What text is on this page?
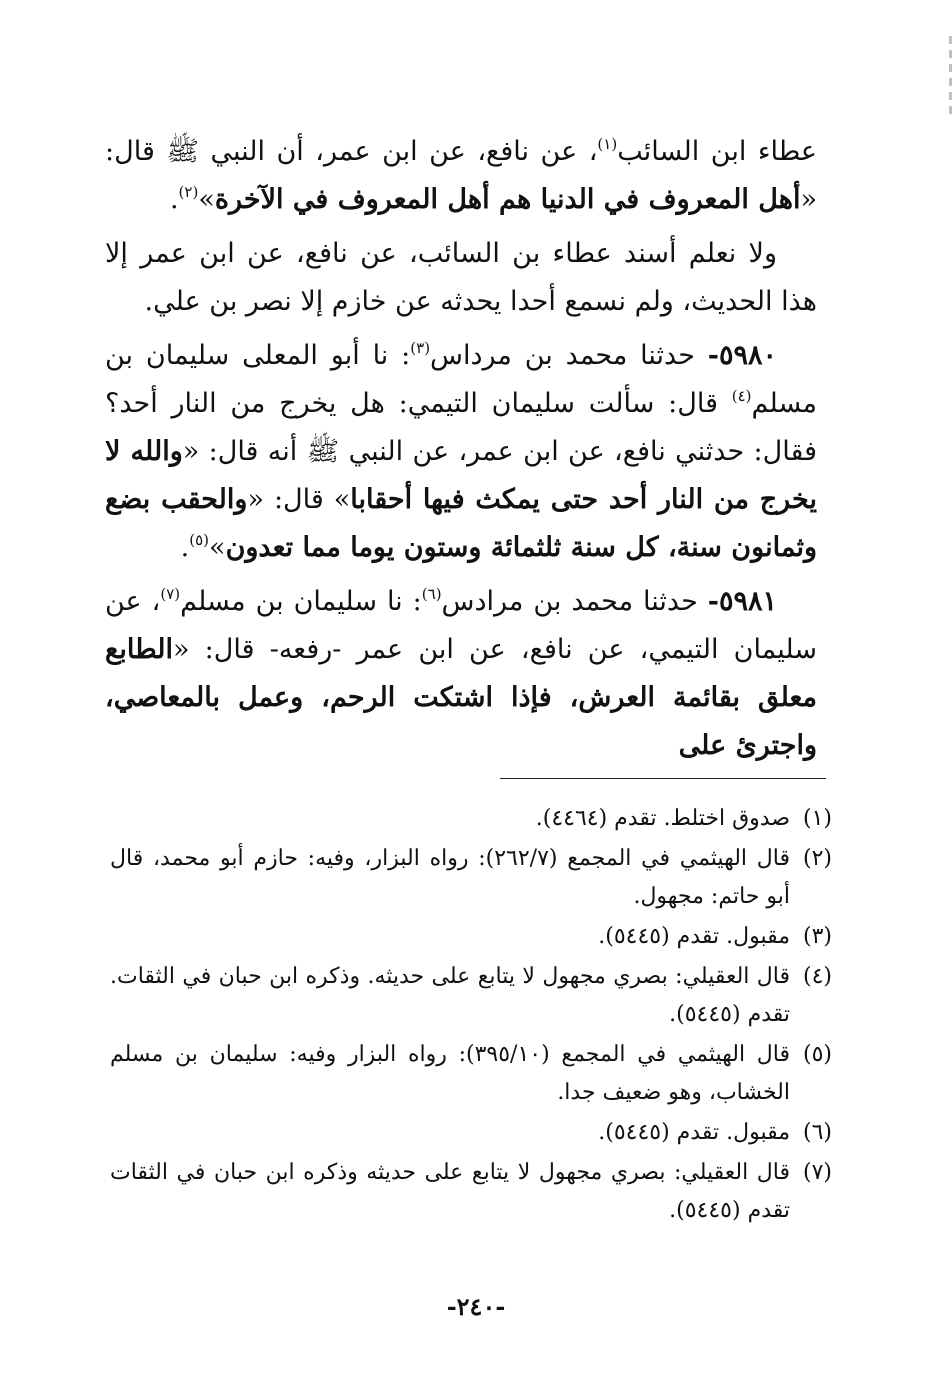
عطاء ابن السائب$^{(١)}$، عن نافع، عن ابن عمر، أن النبي ﷺ قال: «أهل المعروف في الدنيا هم أهل المعروف في الآخرة»$^{(٢)}$.

ولا نعلم أسند عطاء بن السائب، عن نافع، عن ابن عمر إلا هذا الحديث، ولم نسمع أحدا يحدثه عن خازم إلا نصر بن علي.

٥٩٨٠- حدثنا محمد بن مرداس$^{(٣)}$: نا أبو المعلى سليمان بن مسلم$^{(٤)}$ قال: سألت سليمان التيمي: هل يخرج من النار أحد؟ فقال: حدثني نافع، عن ابن عمر، عن النبي ﷺ أنه قال: «والله لا يخرج من النار أحد حتى يمكث فيها أحقابا» قال: «والحقب بضع وثمانون سنة، كل سنة ثلثمائة وستون يوما مما تعدون»$^{(٥)}$.

٥٩٨١- حدثنا محمد بن مرادس$^{(٦)}$: نا سليمان بن مسلم$^{(٧)}$، عن سليمان التيمي، عن نافع، عن ابن عمر -رفعه- قال: «الطابع معلق بقائمة العرش، فإذا اشتكت الرحم، وعمل بالمعاصي، واجترئ على

(١)صدوق اختلط. تقدم (٤٤٦٤).

(٢)قال الهيثمي في المجمع (٢٦٢/٧): رواه البزار، وفيه: حازم أبو محمد، قال أبو حاتم: مجهول.

(٣)مقبول. تقدم (٥٤٤٥).

(٤)قال العقيلي: بصري مجهول لا يتابع على حديثه. وذكره ابن حبان في الثقات. تقدم (٥٤٤٥).

(٥)قال الهيثمي في المجمع (٣٩٥/١٠): رواه البزار وفيه: سليمان بن مسلم الخشاب، وهو ضعيف جدا.

(٦)مقبول. تقدم (٥٤٤٥).

(٧)قال العقيلي: بصري مجهول لا يتابع على حديثه وذكره ابن حبان في الثقات تقدم (٥٤٤٥).

-٢٤٠-
